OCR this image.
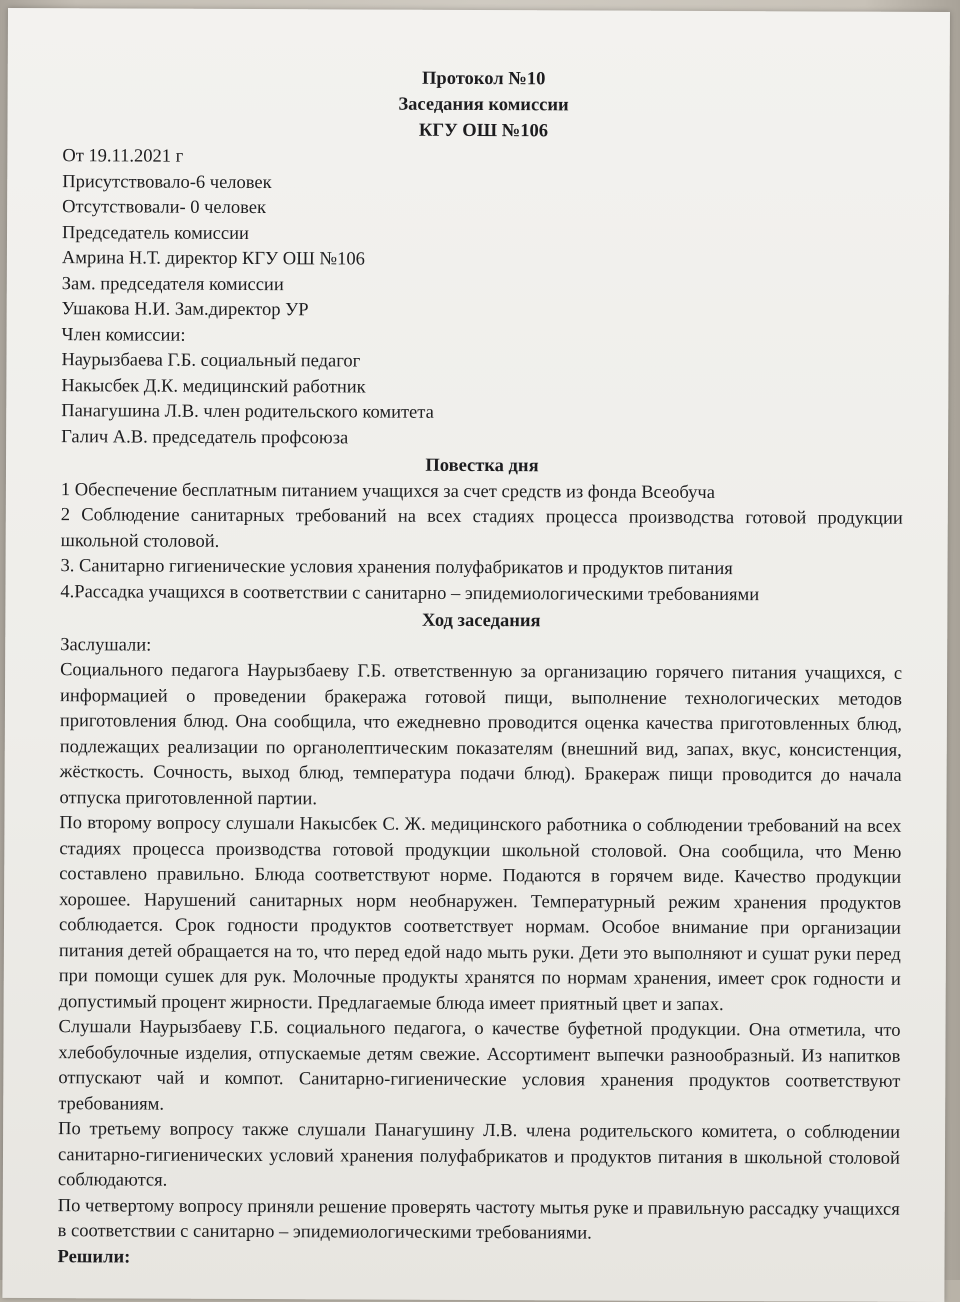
Протокол №10
Заседания комиссии
КГУ ОШ №106
От 19.11.2021 г
Присутствовало-6 человек
Отсутствовали- 0 человек
Председатель комиссии
Амрина Н.Т. директор КГУ ОШ №106
Зам. председателя комиссии
Ушакова Н.И. Зам.директор УР
Член комиссии:
Наурызбаева Г.Б. социальный педагог
Накысбек Д.К. медицинский работник
Панагушина Л.В. член родительского комитета
Галич А.В. председатель профсоюза
Повестка дня
1 Обеспечение бесплатным питанием учащихся за счет средств из фонда Всеобуча
2 Соблюдение санитарных требований на всех стадиях процесса производства готовой продукции школьной столовой.
3. Санитарно гигиенические условия хранения полуфабрикатов и продуктов питания
4.Рассадка учащихся в соответствии с санитарно – эпидемиологическими требованиями
Ход заседания
Заслушали:
Социального педагога Наурызбаеву Г.Б. ответственную за организацию горячего питания учащихся, с информацией о проведении бракеража готовой пищи, выполнение технологических методов приготовления блюд. Она сообщила, что ежедневно проводится оценка качества приготовленных блюд, подлежащих реализации по органолептическим показателям (внешний вид, запах, вкус, консистенция, жёсткость. Сочность, выход блюд, температура подачи блюд). Бракераж пищи проводится до начала отпуска приготовленной партии.
По второму вопросу слушали Накысбек С. Ж. медицинского работника о соблюдении требований на всех стадиях процесса производства готовой продукции школьной столовой. Она сообщила, что Меню составлено правильно. Блюда соответствуют норме. Подаются в горячем виде. Качество продукции хорошее. Нарушений санитарных норм необнаружен. Температурный режим хранения продуктов соблюдается. Срок годности продуктов соответствует нормам. Особое внимание при организации питания детей обращается на то, что перед едой надо мыть руки. Дети это выполняют и сушат руки перед при помощи сушек для рук. Молочные продукты хранятся по нормам хранения, имеет срок годности и допустимый процент жирности. Предлагаемые блюда имеет приятный цвет и запах.
Слушали Наурызбаеву Г.Б. социального педагога, о качестве буфетной продукции. Она отметила, что хлебобулочные изделия, отпускаемые детям свежие. Ассортимент выпечки разнообразный. Из напитков отпускают чай и компот. Санитарно-гигиенические условия хранения продуктов соответствуют требованиям.
По третьему вопросу также слушали Панагушину Л.В. члена родительского комитета, о соблюдении санитарно-гигиенических условий хранения полуфабрикатов и продуктов питания в школьной столовой соблюдаются.
По четвертому вопросу приняли решение проверять частоту мытья руке и правильную рассадку учащихся в соответствии с санитарно – эпидемиологическими требованиями.
Решили:
